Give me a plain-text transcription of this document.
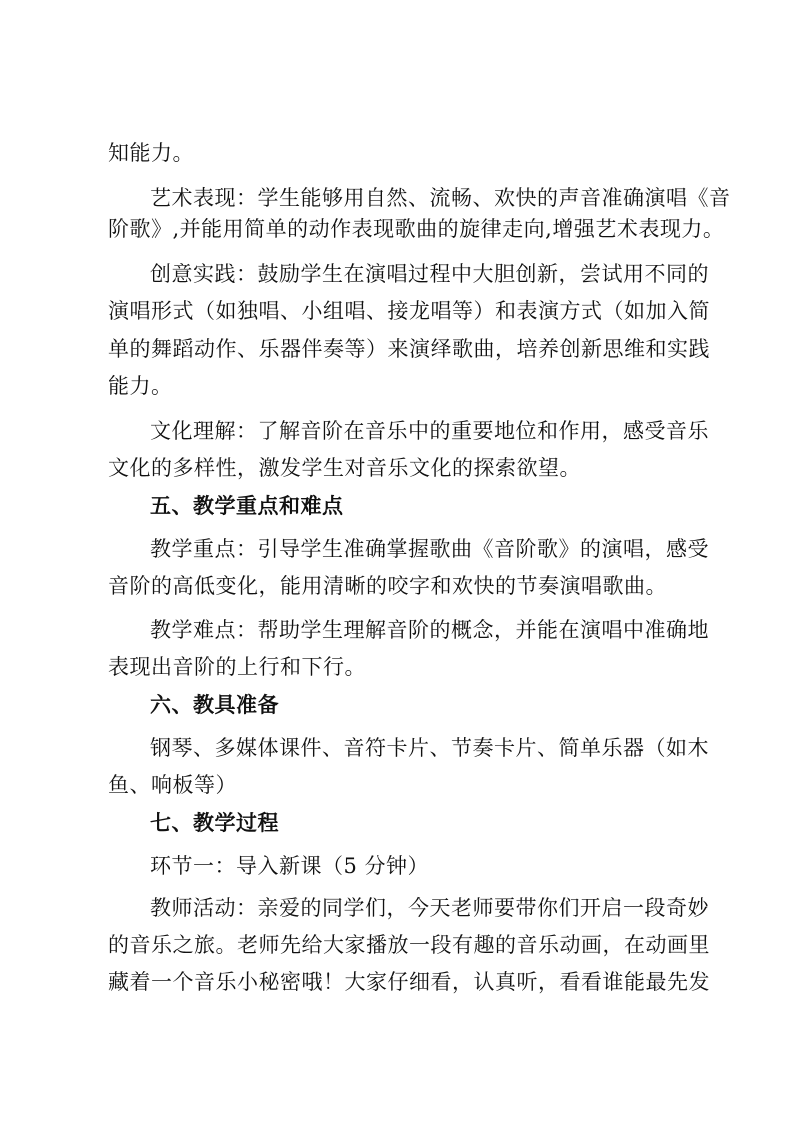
知能力。
艺术表现：学生能够用自然、流畅、欢快的声音准确演唱《音
阶歌》,并能用简单的动作表现歌曲的旋律走向,增强艺术表现力。
创意实践：鼓励学生在演唱过程中大胆创新，尝试用不同的
演唱形式（如独唱、小组唱、接龙唱等）和表演方式（如加入简
单的舞蹈动作、乐器伴奏等）来演绎歌曲，培养创新思维和实践
能力。
文化理解：了解音阶在音乐中的重要地位和作用，感受音乐
文化的多样性，激发学生对音乐文化的探索欲望。
五、教学重点和难点
教学重点：引导学生准确掌握歌曲《音阶歌》的演唱，感受
音阶的高低变化，能用清晰的咬字和欢快的节奏演唱歌曲。
教学难点：帮助学生理解音阶的概念，并能在演唱中准确地
表现出音阶的上行和下行。
六、教具准备
钢琴、多媒体课件、音符卡片、节奏卡片、简单乐器（如木
鱼、响板等）
七、教学过程
环节一：导入新课（5 分钟）
教师活动：亲爱的同学们，今天老师要带你们开启一段奇妙
的音乐之旅。老师先给大家播放一段有趣的音乐动画，在动画里
藏着一个音乐小秘密哦！大家仔细看，认真听，看看谁能最先发
